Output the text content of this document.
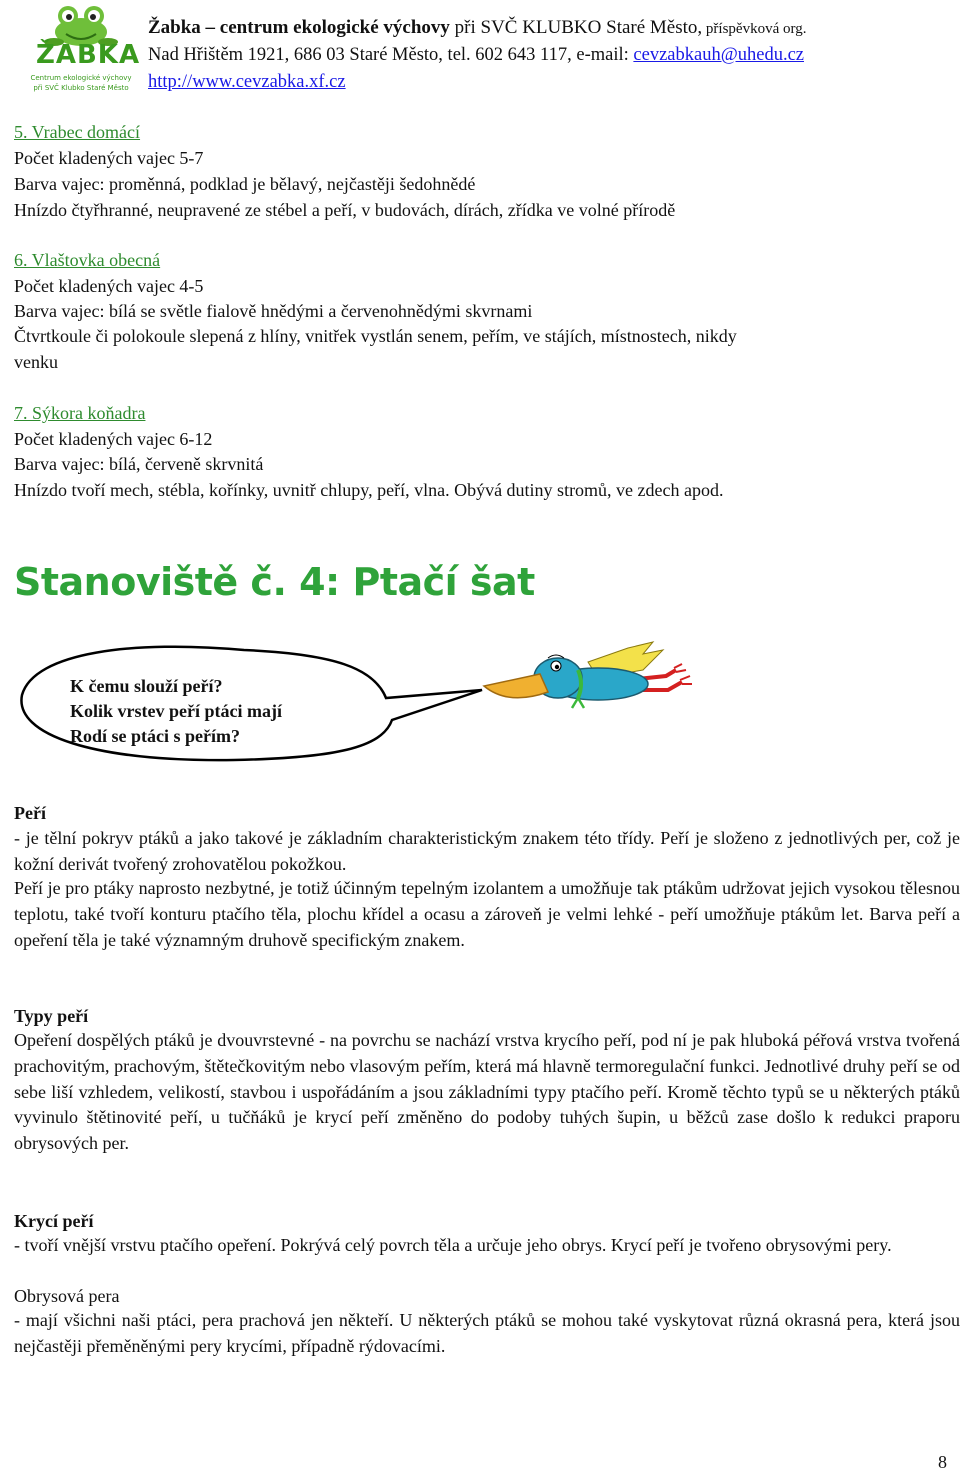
ŽABKA
Centrum ekologické výchovy
při SVČ Klubko Staré Město
Žabka – centrum ekologické výchovy při SVČ KLUBKO Staré Město, příspěvková org.
Nad Hřištěm 1921, 686 03 Staré Město, tel. 602 643 117, e-mail: cevzabkauh@uhedu.cz
http://www.cevzabka.xf.cz
5. Vrabec domácí
Počet kladených vajec 5-7
Barva vajec: proměnná, podklad je bělavý, nejčastěji šedohnědé
Hnízdo čtyřhranné, neupravené ze stébel a peří, v budovách, dírách, zřídka ve volné přírodě
6. Vlaštovka obecná
Počet kladených vajec 4-5
Barva vajec: bílá se světle fialově hnědými a červenohnědými skvrnami
Čtvrtkoule či polokoule slepená z hlíny, vnitřek vystlán senem, peřím, ve stájích, místnostech, nikdy
venku
7. Sýkora koňadra
Počet kladených vajec 6-12
Barva vajec: bílá, červeně skrvnitá
Hnízdo tvoří mech, stébla, kořínky, uvnitř chlupy, peří, vlna. Obývá dutiny stromů, ve zdech apod.
Stanoviště č. 4: Ptačí šat
K čemu slouží peří?
Kolik vrstev peří ptáci mají
Rodí se ptáci s peřím?
Peří
- je tělní pokryv ptáků a jako takové je základním charakteristickým znakem této třídy. Peří je složeno z jednotlivých per, což je kožní derivát tvořený zrohovatělou pokožkou.
Peří je pro ptáky naprosto nezbytné, je totiž účinným tepelným izolantem a umožňuje tak ptákům udržovat jejich vysokou tělesnou teplotu, také tvoří konturu ptačího těla, plochu křídel a ocasu a zároveň je velmi lehké - peří umožňuje ptákům let. Barva peří a opeření těla je také významným druhově specifickým znakem.
Typy peří
Opeření dospělých ptáků je dvouvrstevné - na povrchu se nachází vrstva krycího peří, pod ní je pak hluboká péřová vrstva tvořená prachovitým, prachovým, štětečkovitým nebo vlasovým peřím, která má hlavně termoregulační funkci. Jednotlivé druhy peří se od sebe liší vzhledem, velikostí, stavbou i uspořádáním a jsou základními typy ptačího peří. Kromě těchto typů se u některých ptáků vyvinulo štětinovité peří, u tučňáků je krycí peří změněno do podoby tuhých šupin, u běžců zase došlo k redukci praporu obrysových per.
Krycí peří
- tvoří vnější vrstvu ptačího opeření. Pokrývá celý povrch těla a určuje jeho obrys. Krycí peří je tvořeno obrysovými pery.
Obrysová pera
- mají všichni naši ptáci, pera prachová jen někteří. U některých ptáků se mohou také vyskytovat různá okrasná pera, která jsou nejčastěji přeměněnými pery krycími, případně rýdovacími.
8
